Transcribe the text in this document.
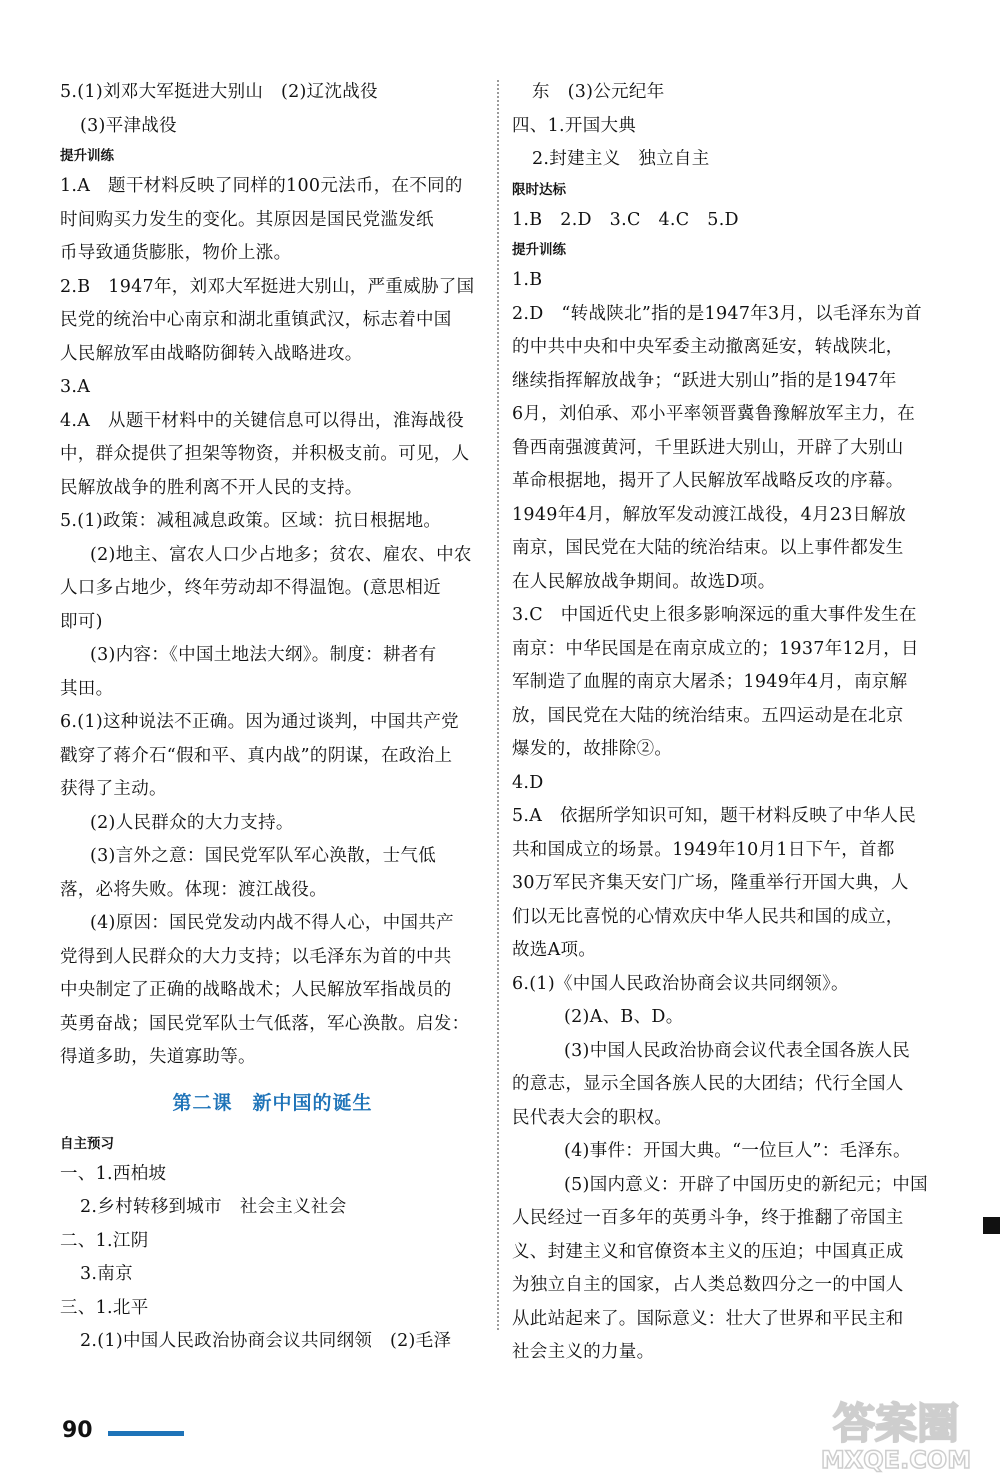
5.(1)刘邓大军挺进大别山　(2)辽沈战役
(3)平津战役
提升训练
1.A　题干材料反映了同样的100元法币，在不同的
时间购买力发生的变化。其原因是国民党滥发纸
币导致通货膨胀，物价上涨。
2.B　1947年，刘邓大军挺进大别山，严重威胁了国
民党的统治中心南京和湖北重镇武汉，标志着中国
人民解放军由战略防御转入战略进攻。
3.A
4.A　从题干材料中的关键信息可以得出，淮海战役
中，群众提供了担架等物资，并积极支前。可见，人
民解放战争的胜利离不开人民的支持。
5.(1)政策：减租减息政策。区域：抗日根据地。
(2)地主、富农人口少占地多；贫农、雇农、中农
人口多占地少，终年劳动却不得温饱。(意思相近
即可)
(3)内容：《中国土地法大纲》。制度：耕者有
其田。
6.(1)这种说法不正确。因为通过谈判，中国共产党
戳穿了蒋介石“假和平、真内战”的阴谋，在政治上
获得了主动。
(2)人民群众的大力支持。
(3)言外之意：国民党军队军心涣散，士气低
落，必将失败。体现：渡江战役。
(4)原因：国民党发动内战不得人心，中国共产
党得到人民群众的大力支持；以毛泽东为首的中共
中央制定了正确的战略战术；人民解放军指战员的
英勇奋战；国民党军队士气低落，军心涣散。启发：
得道多助，失道寡助等。
第二课　新中国的诞生
自主预习
一、1.西柏坡
2.乡村转移到城市　社会主义社会
二、1.江阴
3.南京
三、1.北平
2.(1)中国人民政治协商会议共同纲领　(2)毛泽
东　(3)公元纪年
四、1.开国大典
2.封建主义　独立自主
限时达标
1.B　2.D　3.C　4.C　5.D
提升训练
1.B
2.D　“转战陕北”指的是1947年3月，以毛泽东为首
的中共中央和中央军委主动撤离延安，转战陕北，
继续指挥解放战争；“跃进大别山”指的是1947年
6月，刘伯承、邓小平率领晋冀鲁豫解放军主力，在
鲁西南强渡黄河，千里跃进大别山，开辟了大别山
革命根据地，揭开了人民解放军战略反攻的序幕。
1949年4月，解放军发动渡江战役，4月23日解放
南京，国民党在大陆的统治结束。以上事件都发生
在人民解放战争期间。故选D项。
3.C　中国近代史上很多影响深远的重大事件发生在
南京：中华民国是在南京成立的；1937年12月，日
军制造了血腥的南京大屠杀；1949年4月，南京解
放，国民党在大陆的统治结束。五四运动是在北京
爆发的，故排除②。
4.D
5.A　依据所学知识可知，题干材料反映了中华人民
共和国成立的场景。1949年10月1日下午，首都
30万军民齐集天安门广场，隆重举行开国大典，人
们以无比喜悦的心情欢庆中华人民共和国的成立，
故选A项。
6.(1)《中国人民政治协商会议共同纲领》。
(2)A、B、D。
(3)中国人民政治协商会议代表全国各族人民
的意志，显示全国各族人民的大团结；代行全国人
民代表大会的职权。
(4)事件：开国大典。“一位巨人”：毛泽东。
(5)国内意义：开辟了中国历史的新纪元；中国
人民经过一百多年的英勇斗争，终于推翻了帝国主
义、封建主义和官僚资本主义的压迫；中国真正成
为独立自主的国家，占人类总数四分之一的中国人
从此站起来了。国际意义：壮大了世界和平民主和
社会主义的力量。
90	答案圈
MXQE.COM
